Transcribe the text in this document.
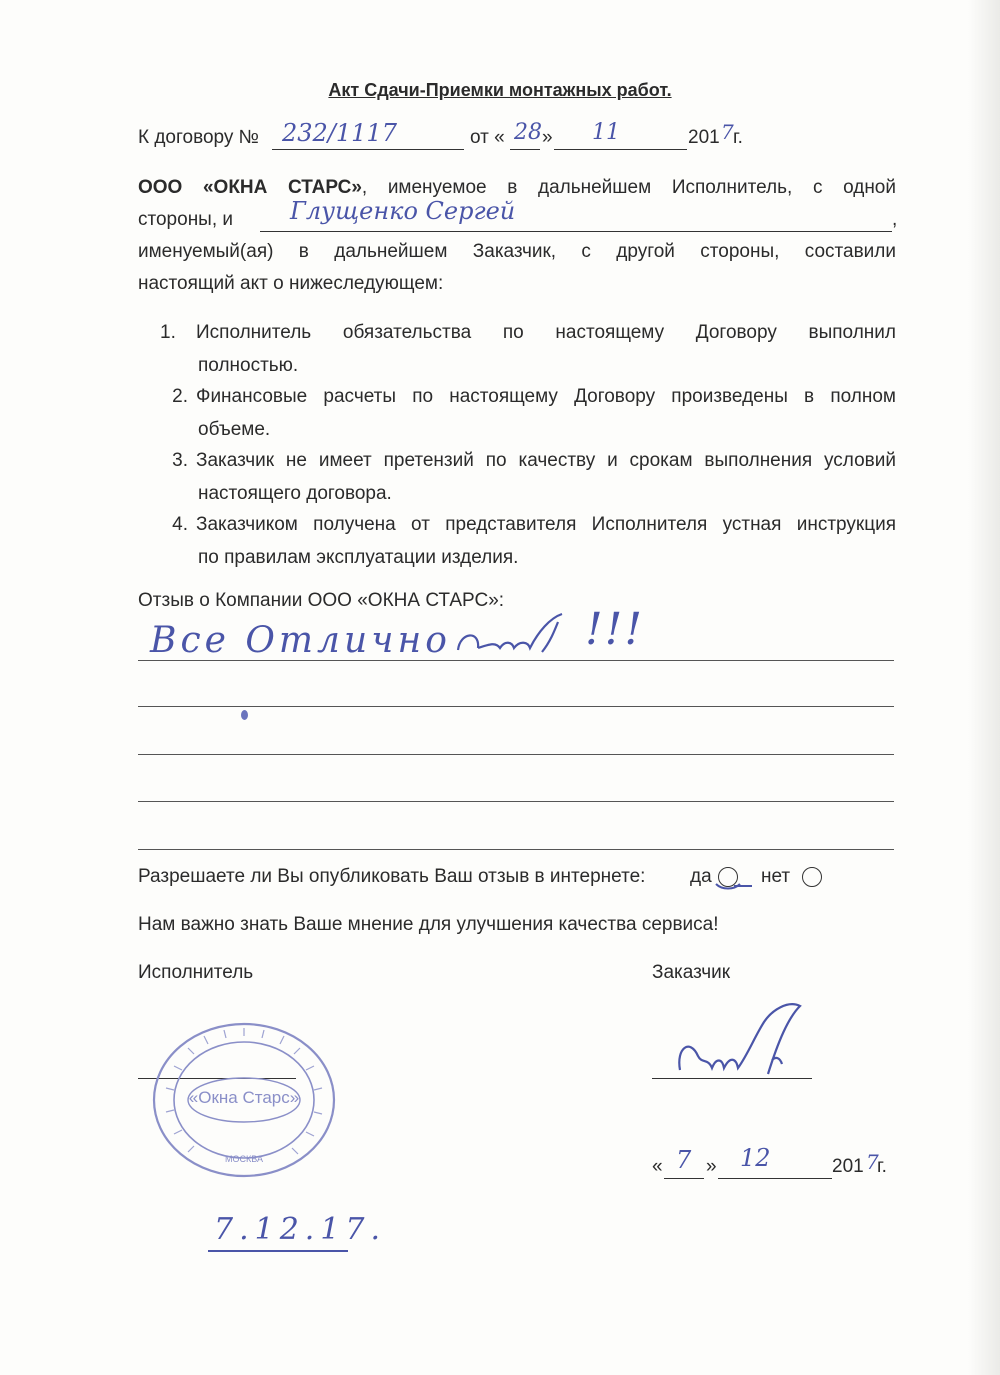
Акт Сдачи-Приемки монтажных работ.
К договору № 232/1117	от « 28 » 11	201 7 г.
ООО «ОКНА СТАРС», именуемое в дальнейшем Исполнитель, с одной
стороны, и Глущенко Сергей	,
именуемый(ая) в дальнейшем Заказчик, с другой стороны, составили
настоящий акт о нижеследующем:
1.	Исполнитель обязательства по настоящему Договору выполнил
полностью.
2. Финансовые расчеты по настоящему Договору произведены в полном
объеме.
3. Заказчик не имеет претензий по качеству и срокам выполнения условий
настоящего договора.
4. Заказчиком получена от представителя Исполнителя устная инструкция
по правилам эксплуатации изделия.
Отзыв о Компании ООО «ОКНА СТАРС»:
Все Отлично	!!!
Разрешаете ли Вы опубликовать Ваш отзыв в интернете: да	нет
Нам важно знать Ваше мнение для улучшения качества сервиса!
Исполнитель	Заказчик
«Окна Старс»
МОСКВА
7.12.17.
« 7 » 12	201 7
г.
